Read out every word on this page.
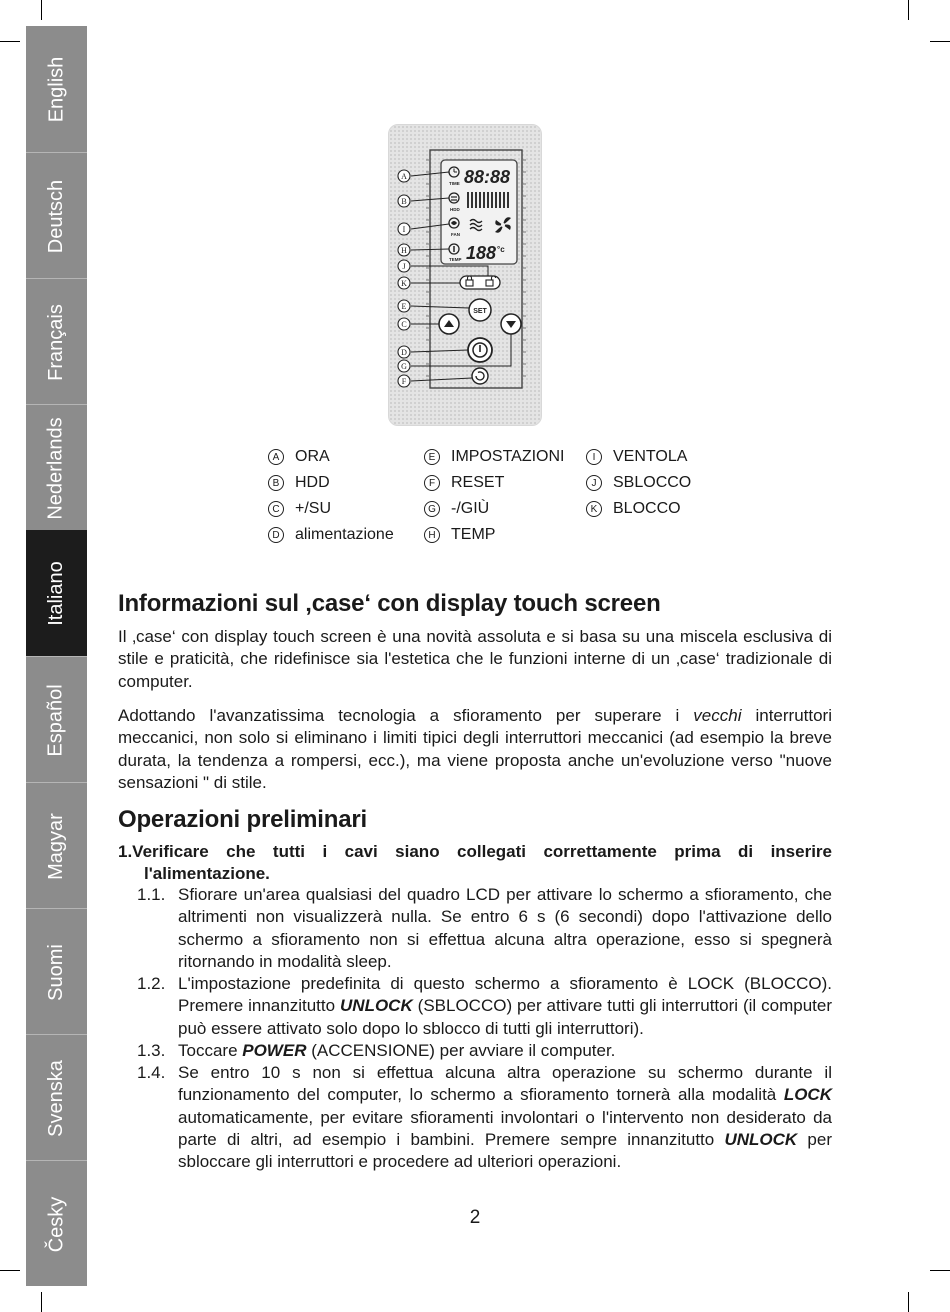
English
Deutsch
Français
Nederlands
Italiano
Español
Magyar
Suomi
Svenska
Česky
TIME 88:88
HDD
FAN
TEMP 188 °c
SET
A
B
I
H
J
K
E
C
D
G
F
A ORA
B HDD
C +/SU
D alimentazione
E IMPOSTAZIONI
F RESET
G -/GIÙ
H TEMP
I	VENTOLA
J	SBLOCCO
K BLOCCO
Informazioni sul ‚case‘ con display touch screen

Il ‚case‘ con display touch screen è una novità assoluta e si basa su una miscela esclusiva di stile e praticità, che ridefinisce sia l'estetica che le funzioni interne di un ‚case‘ tradizionale di computer.

Adottando l'avanzatissima tecnologia a sfioramento per superare i vecchi interruttori meccanici, non solo si eliminano i limiti tipici degli interruttori meccanici (ad esempio la breve durata, la tendenza a rompersi, ecc.), ma viene proposta anche un'evoluzione verso "nuove sensazioni " di stile.

Operazioni preliminari
1.Verificare che tutti i cavi siano collegati correttamente prima di inserire
l'alimentazione.
1.1. Sfiorare un'area qualsiasi del quadro LCD per attivare lo schermo a sfioramento, che altrimenti non visualizzerà nulla. Se entro 6 s (6 secondi) dopo l'attivazione dello schermo a sfioramento non si effettua alcuna altra operazione, esso si spegnerà ritornando in modalità sleep.
1.2. L'impostazione predefinita di questo schermo a sfioramento è LOCK (BLOCCO). Premere innanzitutto UNLOCK (SBLOCCO) per attivare tutti gli interruttori (il computer può essere attivato solo dopo lo sblocco di tutti gli interruttori).
1.3. Toccare POWER (ACCENSIONE) per avviare il computer.
1.4. Se entro 10 s non si effettua alcuna altra operazione su schermo durante il funzionamento del computer, lo schermo a sfioramento tornerà alla modalità LOCK automaticamente, per evitare sfioramenti involontari o l'intervento non desiderato da parte di altri, ad esempio i bambini. Premere sempre innanzitutto UNLOCK per sbloccare gli interruttori e procedere ad ulteriori operazioni.
2
